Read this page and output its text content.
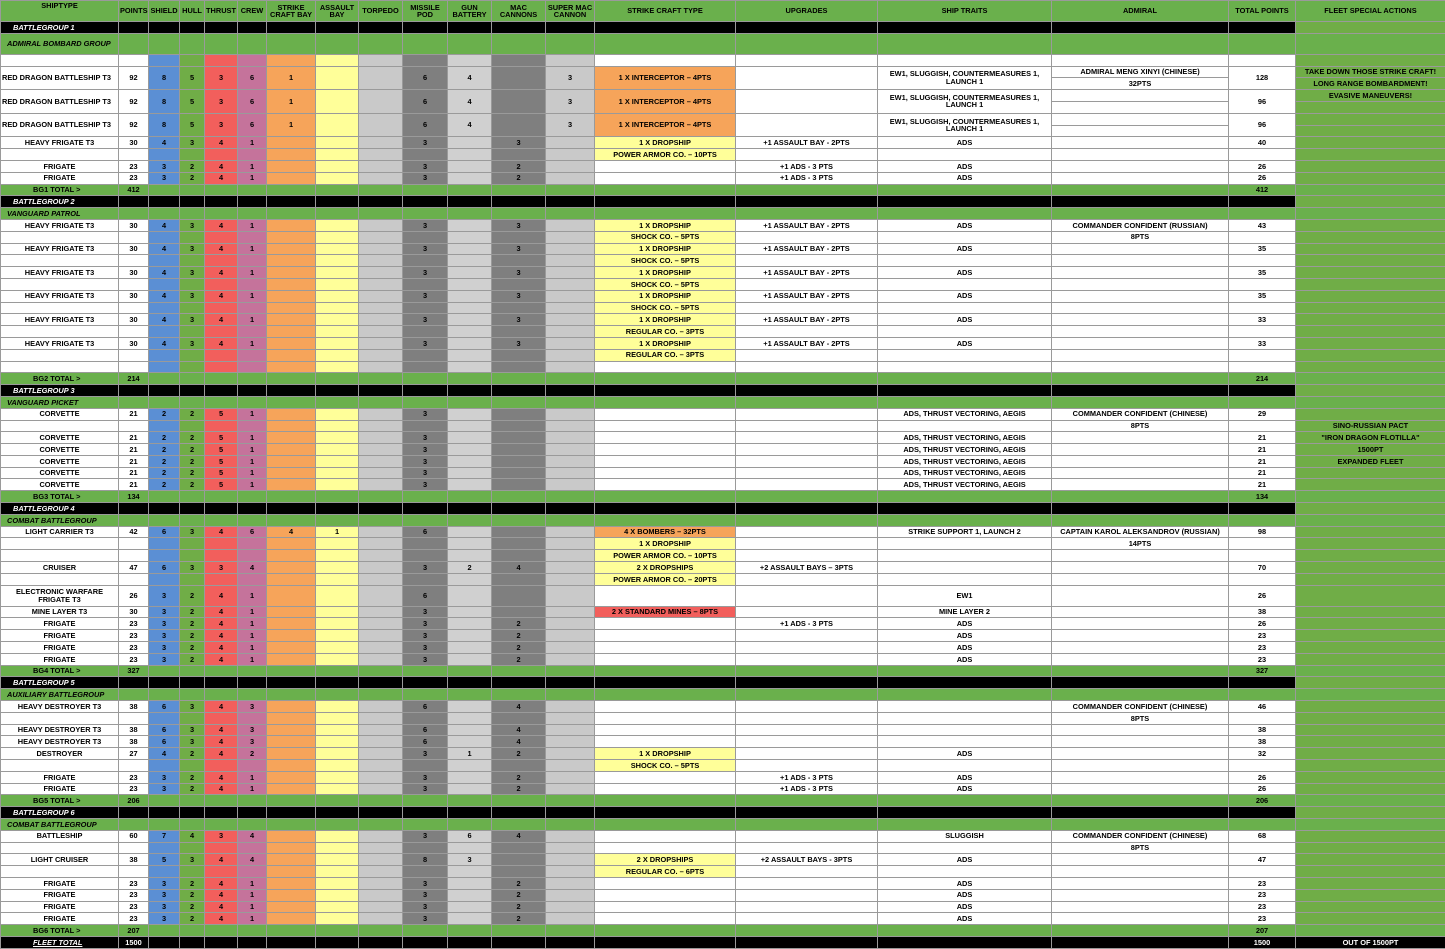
SHIPTYPE	POINTS	SHIELD	HULL	THRUST	CREW	STRIKE CRAFT BAY	ASSAULT BAY	TORPEDO	MISSILE POD	GUN BATTERY	MAC CANNONS	SUPER MAC CANNON	STRIKE CRAFT TYPE	UPGRADES	SHIP TRAITS	ADMIRAL	TOTAL POINTS	FLEET SPECIAL ACTIONS
BATTLEGROUP 1																		
ADMIRAL BOMBARD GROUP																		

RED DRAGON BATTLESHIP T3	92	8	5	3	6	1			6	4		3	1 X INTERCEPTOR – 4PTS		EW1, SLUGGISH, COUNTERMEASURES 1, LAUNCH 1	ADMIRAL MENG XINYI (CHINESE)	128	TAKE DOWN THOSE STRIKE CRAFT!
																32PTS		LONG RANGE BOMBARDMENT!
RED DRAGON BATTLESHIP T3	92	8	5	3	6	1			6	4		3	1 X INTERCEPTOR – 4PTS		EW1, SLUGGISH, COUNTERMEASURES 1, LAUNCH 1		96	EVASIVE MANEUVERS!

RED DRAGON BATTLESHIP T3	92	8	5	3	6	1			6	4		3	1 X INTERCEPTOR – 4PTS		EW1, SLUGGISH, COUNTERMEASURES 1, LAUNCH 1		96	

HEAVY FRIGATE T3	30	4	3	4	1				3		3		1 X DROPSHIP	+1 ASSAULT BAY - 2PTS	ADS		40	
													POWER ARMOR CO. – 10PTS					
FRIGATE	23	3	2	4	1				3		2			+1 ADS - 3 PTS	ADS		26	
FRIGATE	23	3	2	4	1				3		2			+1 ADS - 3 PTS	ADS		26	
BG1 TOTAL >	412																412	
BATTLEGROUP 2																		
VANGUARD PATROL																		
HEAVY FRIGATE T3	30	4	3	4	1				3		3		1 X DROPSHIP	+1 ASSAULT BAY - 2PTS	ADS	COMMANDER CONFIDENT (RUSSIAN)	43	
													SHOCK CO. – 5PTS			8PTS		
HEAVY FRIGATE T3	30	4	3	4	1				3		3		1 X DROPSHIP	+1 ASSAULT BAY - 2PTS	ADS		35	
													SHOCK CO. – 5PTS					
HEAVY FRIGATE T3	30	4	3	4	1				3		3		1 X DROPSHIP	+1 ASSAULT BAY - 2PTS	ADS		35	
													SHOCK CO. – 5PTS					
HEAVY FRIGATE T3	30	4	3	4	1				3		3		1 X DROPSHIP	+1 ASSAULT BAY - 2PTS	ADS		35	
													SHOCK CO. – 5PTS					
HEAVY FRIGATE T3	30	4	3	4	1				3		3		1 X DROPSHIP	+1 ASSAULT BAY - 2PTS	ADS		33	
													REGULAR CO. – 3PTS					
HEAVY FRIGATE T3	30	4	3	4	1				3		3		1 X DROPSHIP	+1 ASSAULT BAY - 2PTS	ADS		33	
													REGULAR CO. – 3PTS					

BG2 TOTAL >	214																214	
BATTLEGROUP 3																		
VANGUARD PICKET																		
CORVETTE	21	2	2	5	1				3						ADS, THRUST VECTORING, AEGIS	COMMANDER CONFIDENT (CHINESE)	29	
																8PTS		SINO-RUSSIAN PACT
CORVETTE	21	2	2	5	1				3						ADS, THRUST VECTORING, AEGIS		21	"IRON DRAGON FLOTILLA"
CORVETTE	21	2	2	5	1				3						ADS, THRUST VECTORING, AEGIS		21	1500PT
CORVETTE	21	2	2	5	1				3						ADS, THRUST VECTORING, AEGIS		21	EXPANDED FLEET
CORVETTE	21	2	2	5	1				3						ADS, THRUST VECTORING, AEGIS		21	
CORVETTE	21	2	2	5	1				3						ADS, THRUST VECTORING, AEGIS		21	
BG3 TOTAL >	134																134	
BATTLEGROUP 4																		
COMBAT BATTLEGROUP																		
LIGHT CARRIER T3	42	6	3	4	6	4	1		6				4 X BOMBERS – 32PTS		STRIKE SUPPORT 1, LAUNCH 2	CAPTAIN KAROL ALEKSANDROV (RUSSIAN)	98	
													1 X DROPSHIP			14PTS		
													POWER ARMOR CO. – 10PTS					
CRUISER	47	6	3	3	4				3	2	4		2 X DROPSHIPS	+2 ASSAULT BAYS – 3PTS			70	
													POWER ARMOR CO. – 20PTS					
ELECTRONIC WARFARE FRIGATE T3	26	3	2	4	1				6						EW1		26	
MINE LAYER T3	30	3	2	4	1				3				2 X STANDARD MINES – 8PTS		MINE LAYER 2		38	
FRIGATE	23	3	2	4	1				3		2			+1 ADS - 3 PTS	ADS		26	
FRIGATE	23	3	2	4	1				3		2				ADS		23	
FRIGATE	23	3	2	4	1				3		2				ADS		23	
FRIGATE	23	3	2	4	1				3		2				ADS		23	
BG4 TOTAL >	327																327	
BATTLEGROUP 5																		
AUXILIARY BATTLEGROUP																		
HEAVY DESTROYER T3	38	6	3	4	3				6		4					COMMANDER CONFIDENT (CHINESE)	46	
																8PTS		
HEAVY DESTROYER T3	38	6	3	4	3				6		4						38	
HEAVY DESTROYER T3	38	6	3	4	3				6		4						38	
DESTROYER	27	4	2	4	2				3	1	2		1 X DROPSHIP		ADS		32	
													SHOCK CO. – 5PTS					
FRIGATE	23	3	2	4	1				3		2			+1 ADS - 3 PTS	ADS		26	
FRIGATE	23	3	2	4	1				3		2			+1 ADS - 3 PTS	ADS		26	
BG5 TOTAL >	206																206	
BATTLEGROUP 6																		
COMBAT BATTLEGROUP																		
BATTLESHIP	60	7	4	3	4				3	6	4				SLUGGISH	COMMANDER CONFIDENT (CHINESE)	68	
																8PTS		
LIGHT CRUISER	38	5	3	4	4				8	3			2 X DROPSHIPS	+2 ASSAULT BAYS - 3PTS	ADS		47	
													REGULAR CO. – 6PTS					
FRIGATE	23	3	2	4	1				3		2				ADS		23	
FRIGATE	23	3	2	4	1				3		2				ADS		23	
FRIGATE	23	3	2	4	1				3		2				ADS		23	
FRIGATE	23	3	2	4	1				3		2				ADS		23	
BG6 TOTAL >	207																207	
FLEET TOTAL	1500																1500	OUT OF 1500PT
